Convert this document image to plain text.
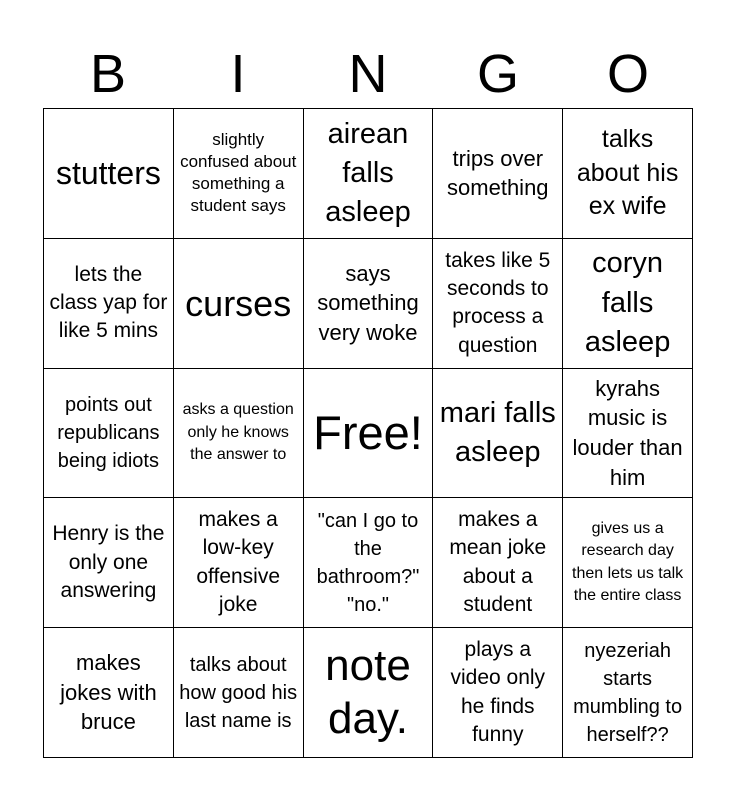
B	I	N	G	O
stutters
slightly confused about something a student says
airean falls asleep
trips over something
talks about his ex wife
lets the class yap for like 5 mins
curses
says something very woke
takes like 5 seconds to process a question
coryn falls asleep
points out republicans being idiots
asks a question only he knows the answer to Free! mari falls asleep
kyrahs music is louder than him
Henry is the only one answering
makes a low-key offensive joke
"can I go to the bathroom?" "no."
makes a mean joke about a student
gives us a research day then lets us talk the entire class
makes jokes with bruce
talks about how good his last name is
note day.
plays a video only he finds funny
nyezeriah starts mumbling to herself??
